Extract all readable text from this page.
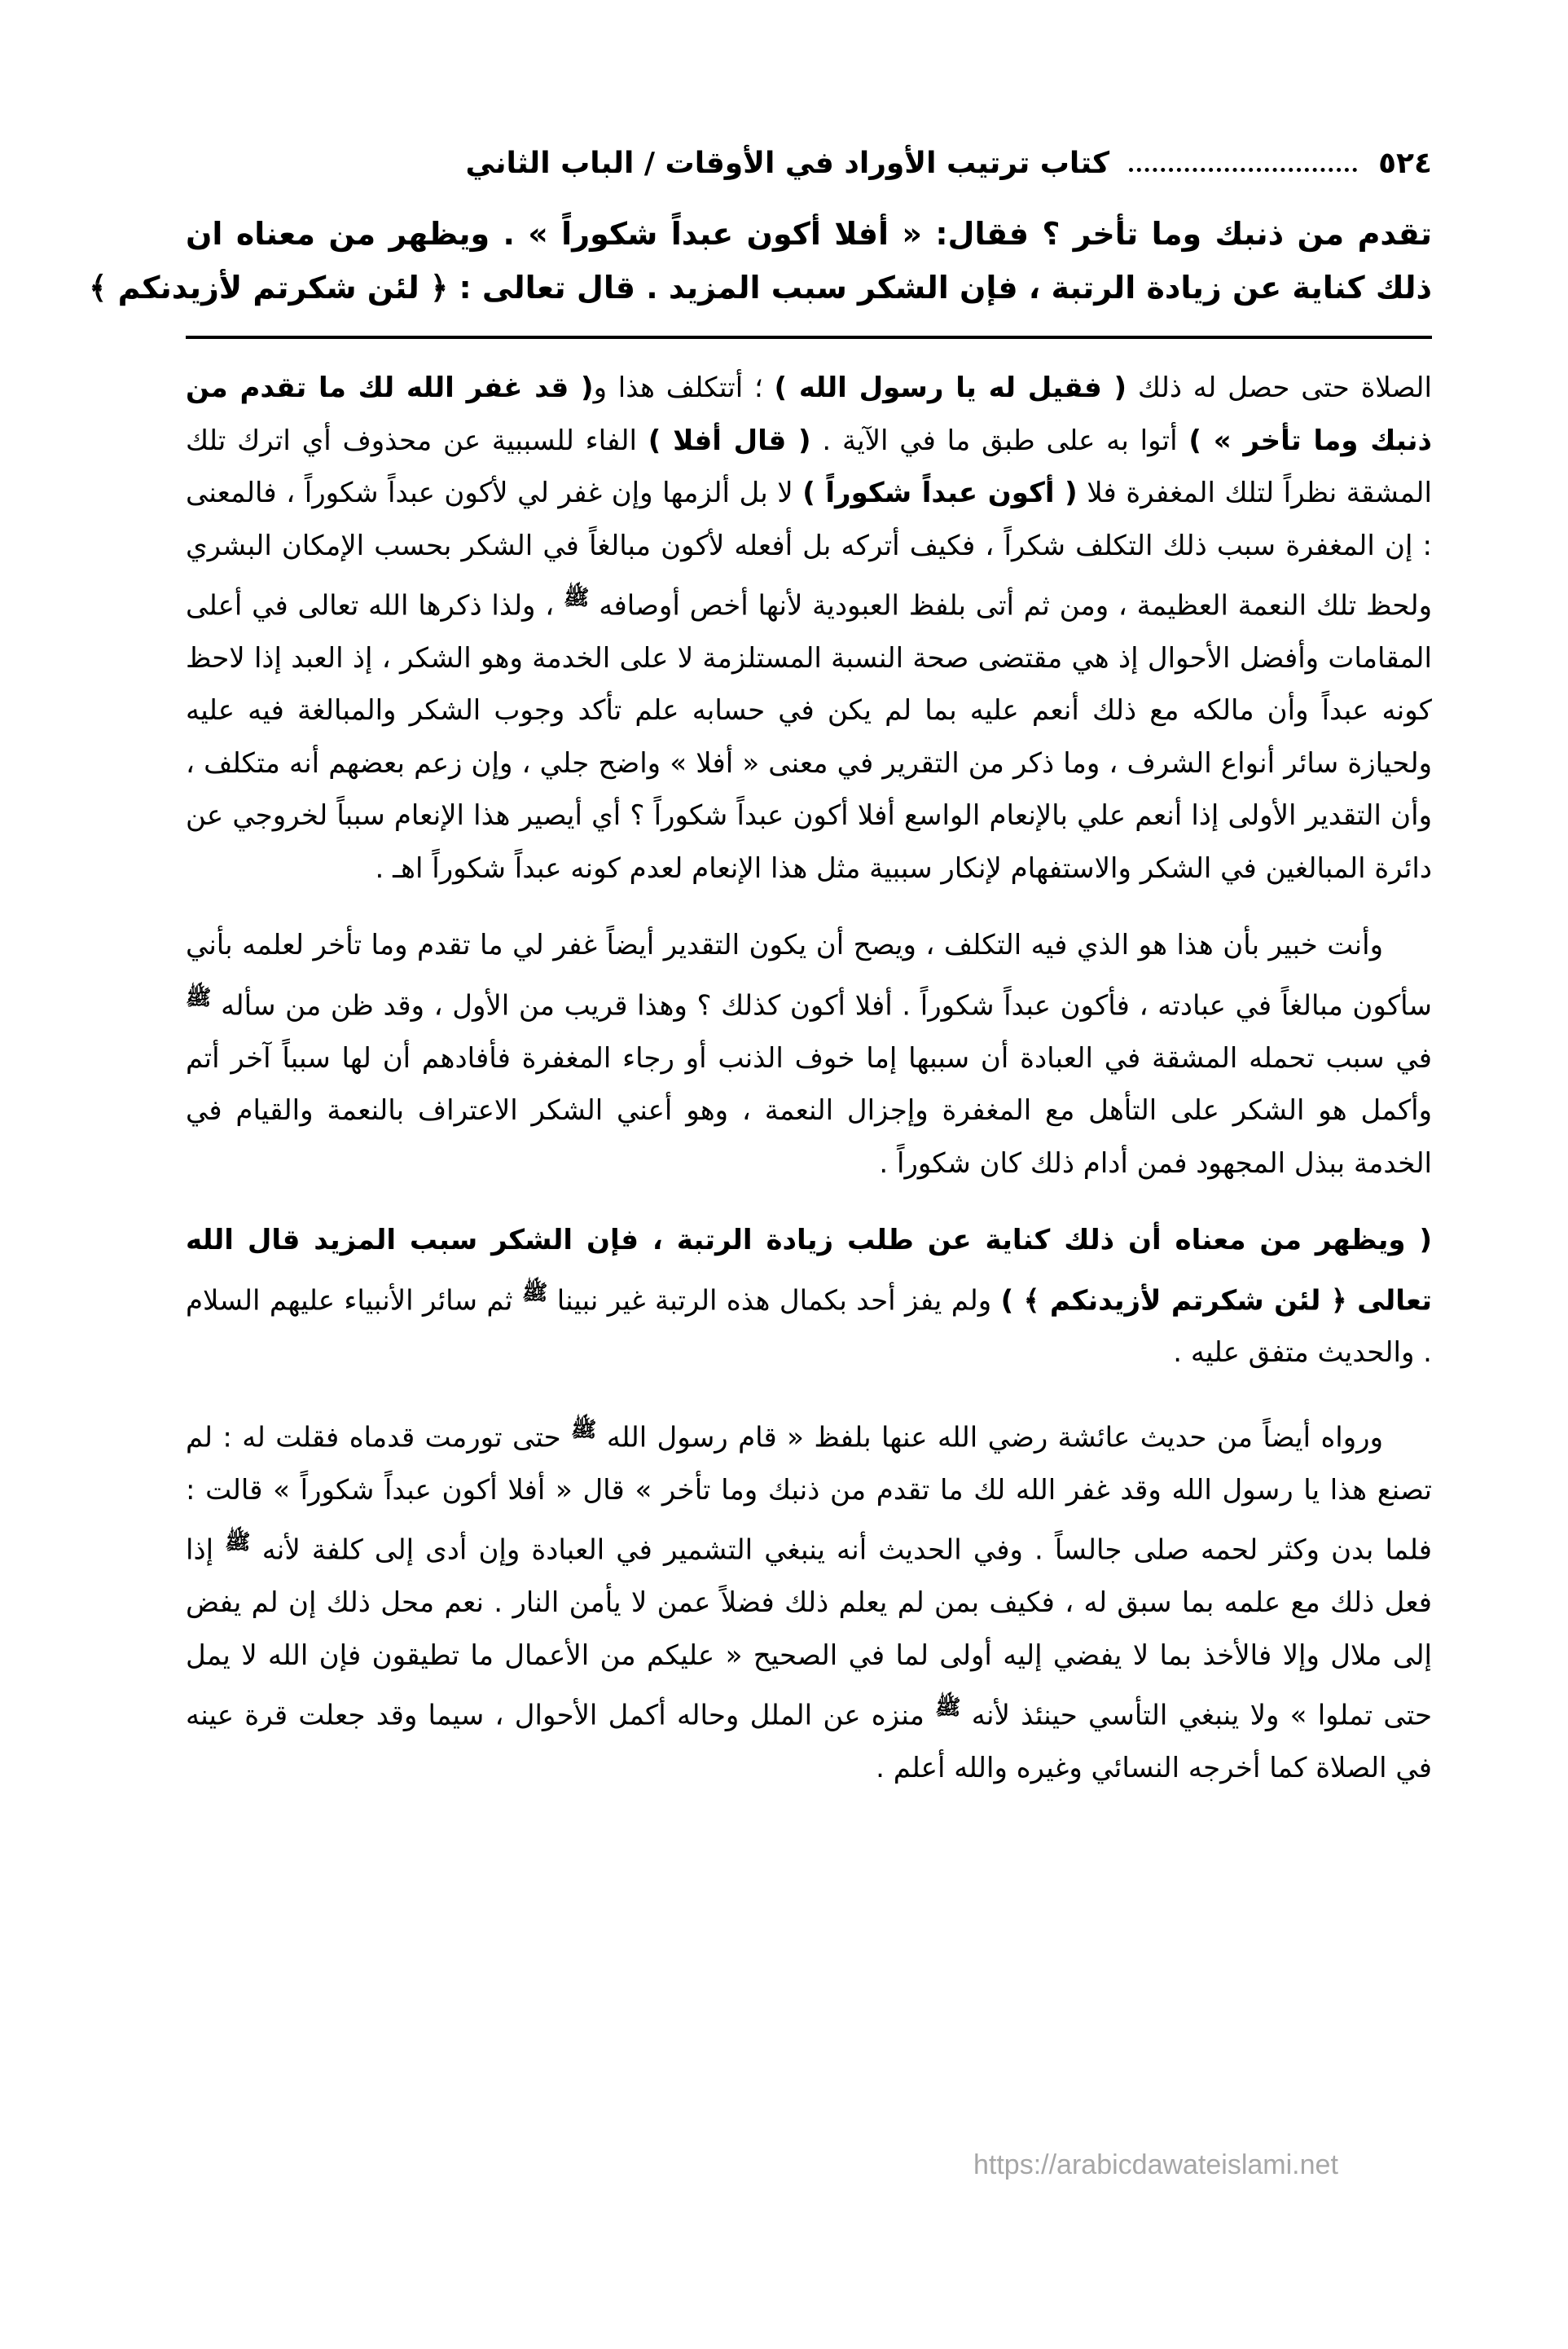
٥٢٤
كتاب ترتيب الأوراد في الأوقات / الباب الثاني
تقدم من ذنبك وما تأخر ؟ فقال: « أفلا أكون عبداً شكوراً » . ويظهر من معناه ان
ذلك كناية عن زيادة الرتبة ، فإن الشكر سبب المزيد . قال تعالى : ﴿ لئن شكرتم لأزيدنكم ﴾

الصلاة حتى حصل له ذلك ( فقيل له يا رسول الله ) ؛ أتتكلف هذا و( قد غفر الله لك ما تقدم من ذنبك وما تأخر » ) أتوا به على طبق ما في الآية . ( قال أفلا ) الفاء للسببية عن محذوف أي اترك تلك المشقة نظراً لتلك المغفرة فلا ( أكون عبداً شكوراً ) لا بل ألزمها وإن غفر لي لأكون عبداً شكوراً ، فالمعنى : إن المغفرة سبب ذلك التكلف شكراً ، فكيف أتركه بل أفعله لأكون مبالغاً في الشكر بحسب الإمكان البشري ولحظ تلك النعمة العظيمة ، ومن ثم أتى بلفظ العبودية لأنها أخص أوصافه $^ﷺ$ ، ولذا ذكرها الله تعالى في أعلى المقامات وأفضل الأحوال إذ هي مقتضى صحة النسبة المستلزمة لا على الخدمة وهو الشكر ، إذ العبد إذا لاحظ كونه عبداً وأن مالكه مع ذلك أنعم عليه بما لم يكن في حسابه علم تأكد وجوب الشكر والمبالغة فيه عليه ولحيازة سائر أنواع الشرف ، وما ذكر من التقرير في معنى « أفلا » واضح جلي ، وإن زعم بعضهم أنه متكلف ، وأن التقدير الأولى إذا أنعم علي بالإنعام الواسع أفلا أكون عبداً شكوراً ؟ أي أيصير هذا الإنعام سبباً لخروجي عن دائرة المبالغين في الشكر والاستفهام لإنكار سببية مثل هذا الإنعام لعدم كونه عبداً شكوراً اهـ .

وأنت خبير بأن هذا هو الذي فيه التكلف ، ويصح أن يكون التقدير أيضاً غفر لي ما تقدم وما تأخر لعلمه بأني سأكون مبالغاً في عبادته ، فأكون عبداً شكوراً . أفلا أكون كذلك ؟ وهذا قريب من الأول ، وقد ظن من سأله $^ﷺ$ في سبب تحمله المشقة في العبادة أن سببها إما خوف الذنب أو رجاء المغفرة فأفادهم أن لها سبباً آخر أتم وأكمل هو الشكر على التأهل مع المغفرة وإجزال النعمة ، وهو أعني الشكر الاعتراف بالنعمة والقيام في الخدمة ببذل المجهود فمن أدام ذلك كان شكوراً .

( ويظهر من معناه أن ذلك كناية عن طلب زيادة الرتبة ، فإن الشكر سبب المزيد قال الله تعالى ﴿ لئن شكرتم لأزيدنكم ﴾ ) ولم يفز أحد بكمال هذه الرتبة غير نبينا $^ﷺ$ ثم سائر الأنبياء عليهم السلام . والحديث متفق عليه .

ورواه أيضاً من حديث عائشة رضي الله عنها بلفظ « قام رسول الله $^ﷺ$ حتى تورمت قدماه فقلت له : لم تصنع هذا يا رسول الله وقد غفر الله لك ما تقدم من ذنبك وما تأخر » قال « أفلا أكون عبداً شكوراً » قالت : فلما بدن وكثر لحمه صلى جالساً . وفي الحديث أنه ينبغي التشمير في العبادة وإن أدى إلى كلفة لأنه $^ﷺ$ إذا فعل ذلك مع علمه بما سبق له ، فكيف بمن لم يعلم ذلك فضلاً عمن لا يأمن النار . نعم محل ذلك إن لم يفض إلى ملال وإلا فالأخذ بما لا يفضي إليه أولى لما في الصحيح « عليكم من الأعمال ما تطيقون فإن الله لا يمل حتى تملوا » ولا ينبغي التأسي حينئذ لأنه $^ﷺ$ منزه عن الملل وحاله أكمل الأحوال ، سيما وقد جعلت قرة عينه في الصلاة كما أخرجه النسائي وغيره والله أعلم .

https://arabicdawateislami.net
